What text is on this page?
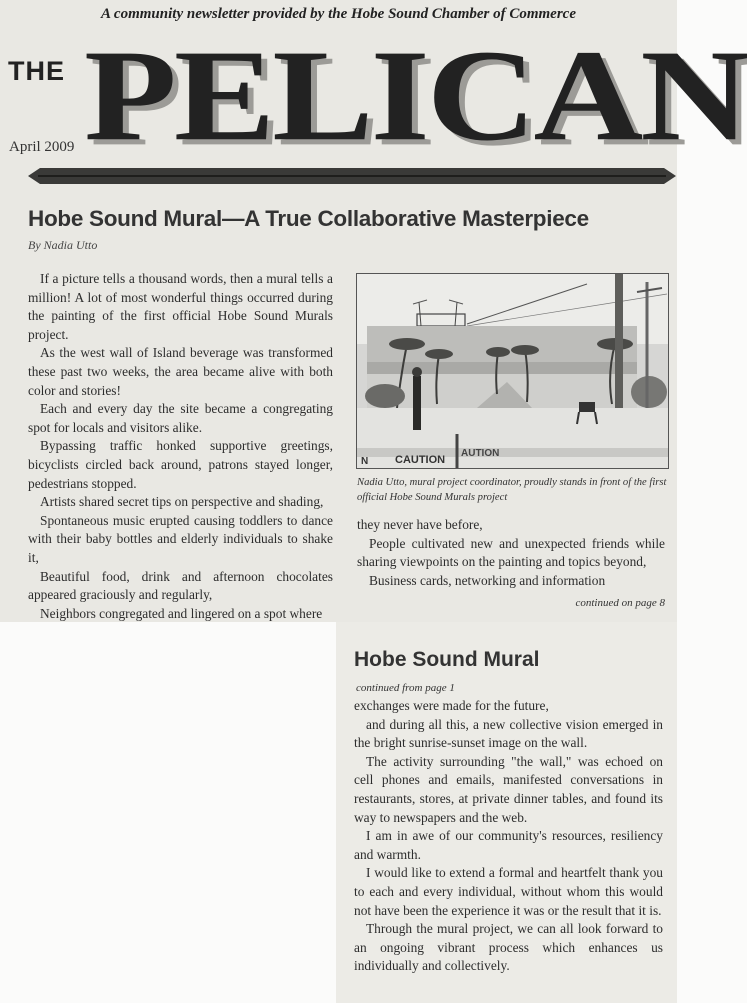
A community newsletter provided by the Hobe Sound Chamber of Commerce
THE
April 2009 PELICAN
Hobe Sound Mural—A True Collaborative Masterpiece
By Nadia Utto

If a picture tells a thousand words, then a mural tells a million! A lot of most wonderful things occurred during the painting of the first official Hobe Sound Murals project.

As the west wall of Island beverage was transformed these past two weeks, the area became alive with both color and stories!

Each and every day the site became a congregating spot for locals and visitors alike.

Bypassing traffic honked supportive greetings, bicyclists circled back around, patrons stayed longer, pedestrians stopped.

Artists shared secret tips on perspective and shading,

Spontaneous music erupted causing toddlers to dance with their baby bottles and elderly individuals to shake it,

Beautiful food, drink and afternoon chocolates appeared graciously and regularly,

Neighbors congregated and lingered on a spot where

N CAUTION
AUTION
Nadia Utto, mural project coordinator, proudly stands in front of the first official Hobe Sound Murals project

they never have before,

People cultivated new and unexpected friends while sharing viewpoints on the painting and topics beyond,

Business cards, networking and information

continued on page 8
Hobe Sound Mural
continued from page 1

exchanges were made for the future,

and during all this, a new collective vision emerged in the bright sunrise-sunset image on the wall.

The activity surrounding "the wall," was echoed on cell phones and emails, manifested conversations in restaurants, stores, at private dinner tables, and found its way to newspapers and the web.

I am in awe of our community's resources, resiliency and warmth.

I would like to extend a formal and heartfelt thank you to each and every individual, without whom this would not have been the experience it was or the result that it is.

Through the mural project, we can all look forward to an ongoing vibrant process which enhances us individually and collectively.
